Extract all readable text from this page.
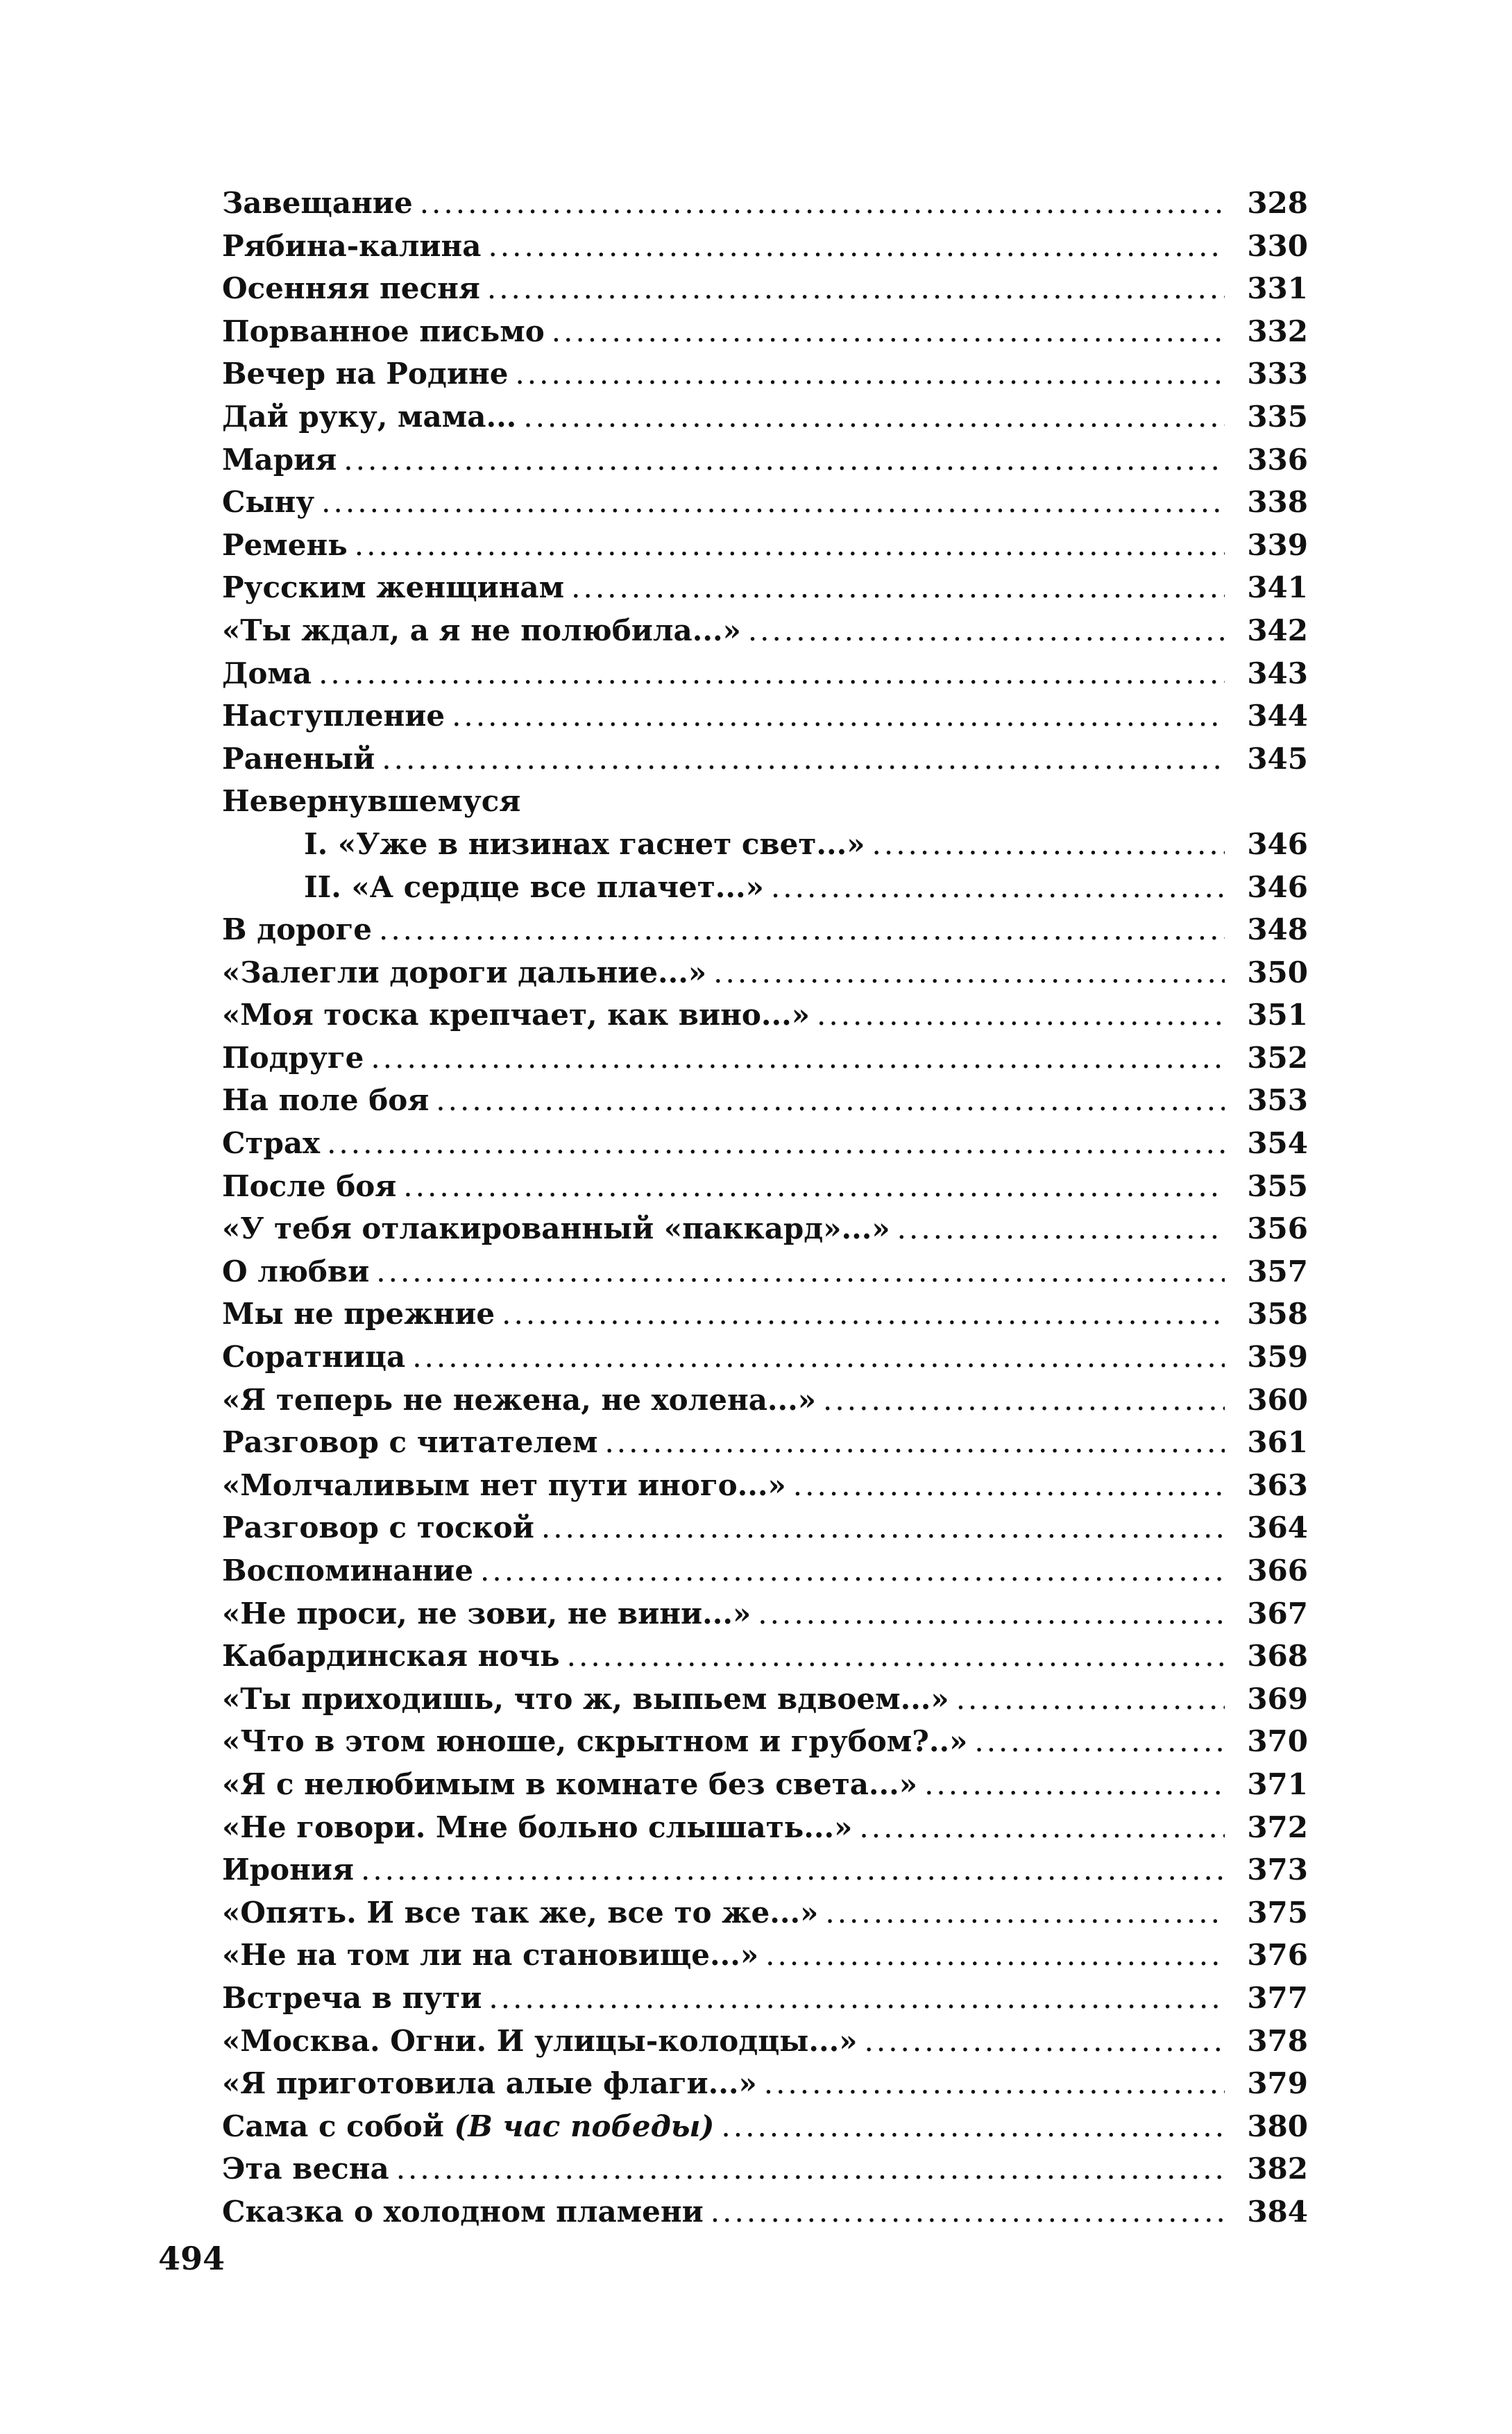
Завещание .....	328
Рябина-калина .....	330
Осенняя песня .....	331
Порванное письмо .....	332
Вечер на Родине .....	333
Дай руку, мама... .....	335
Мария .....	336
Сыну .....	338
Ремень .....	339
Русским женщинам .....	341
«Ты ждал, а я не полюбила...» .....	342
Дома .....	343
Наступление .....	344
Раненый .....	345
Невернувшемуся
I. «Уже в низинах гаснет свет...» .....	346
II. «А сердце все плачет...» .....	346
В дороге .....	348
«Залегли дороги дальние...» .....	350
«Моя тоска крепчает, как вино...» .....	351
Подруге .....	352
На поле боя .....	353
Страх .....	354
После боя .....	355
«У тебя отлакированный «паккард»...» .....	356
О любви .....	357
Мы не прежние .....	358
Соратница .....	359
«Я теперь не нежена, не холена...» .....	360
Разговор с читателем .....	361
«Молчаливым нет пути иного...» .....	363
Разговор с тоской .....	364
Воспоминание .....	366
«Не проси, не зови, не вини...» .....	367
Кабардинская ночь .....	368
«Ты приходишь, что ж, выпьем вдвоем...» .....	369
«Что в этом юноше, скрытном и грубом?..» .....	370
«Я с нелюбимым в комнате без света...» .....	371
«Не говори. Мне больно слышать...» .....	372
Ирония .....	373
«Опять. И все так же, все то же...» .....	375
«Не на том ли на становище...» .....	376
Встреча в пути .....	377
«Москва. Огни. И улицы-колодцы...» .....	378
«Я приготовила алые флаги...» .....	379
Сама с собой (В час победы) .....	380
Эта весна .....	382
Сказка о холодном пламени .....	384
494
